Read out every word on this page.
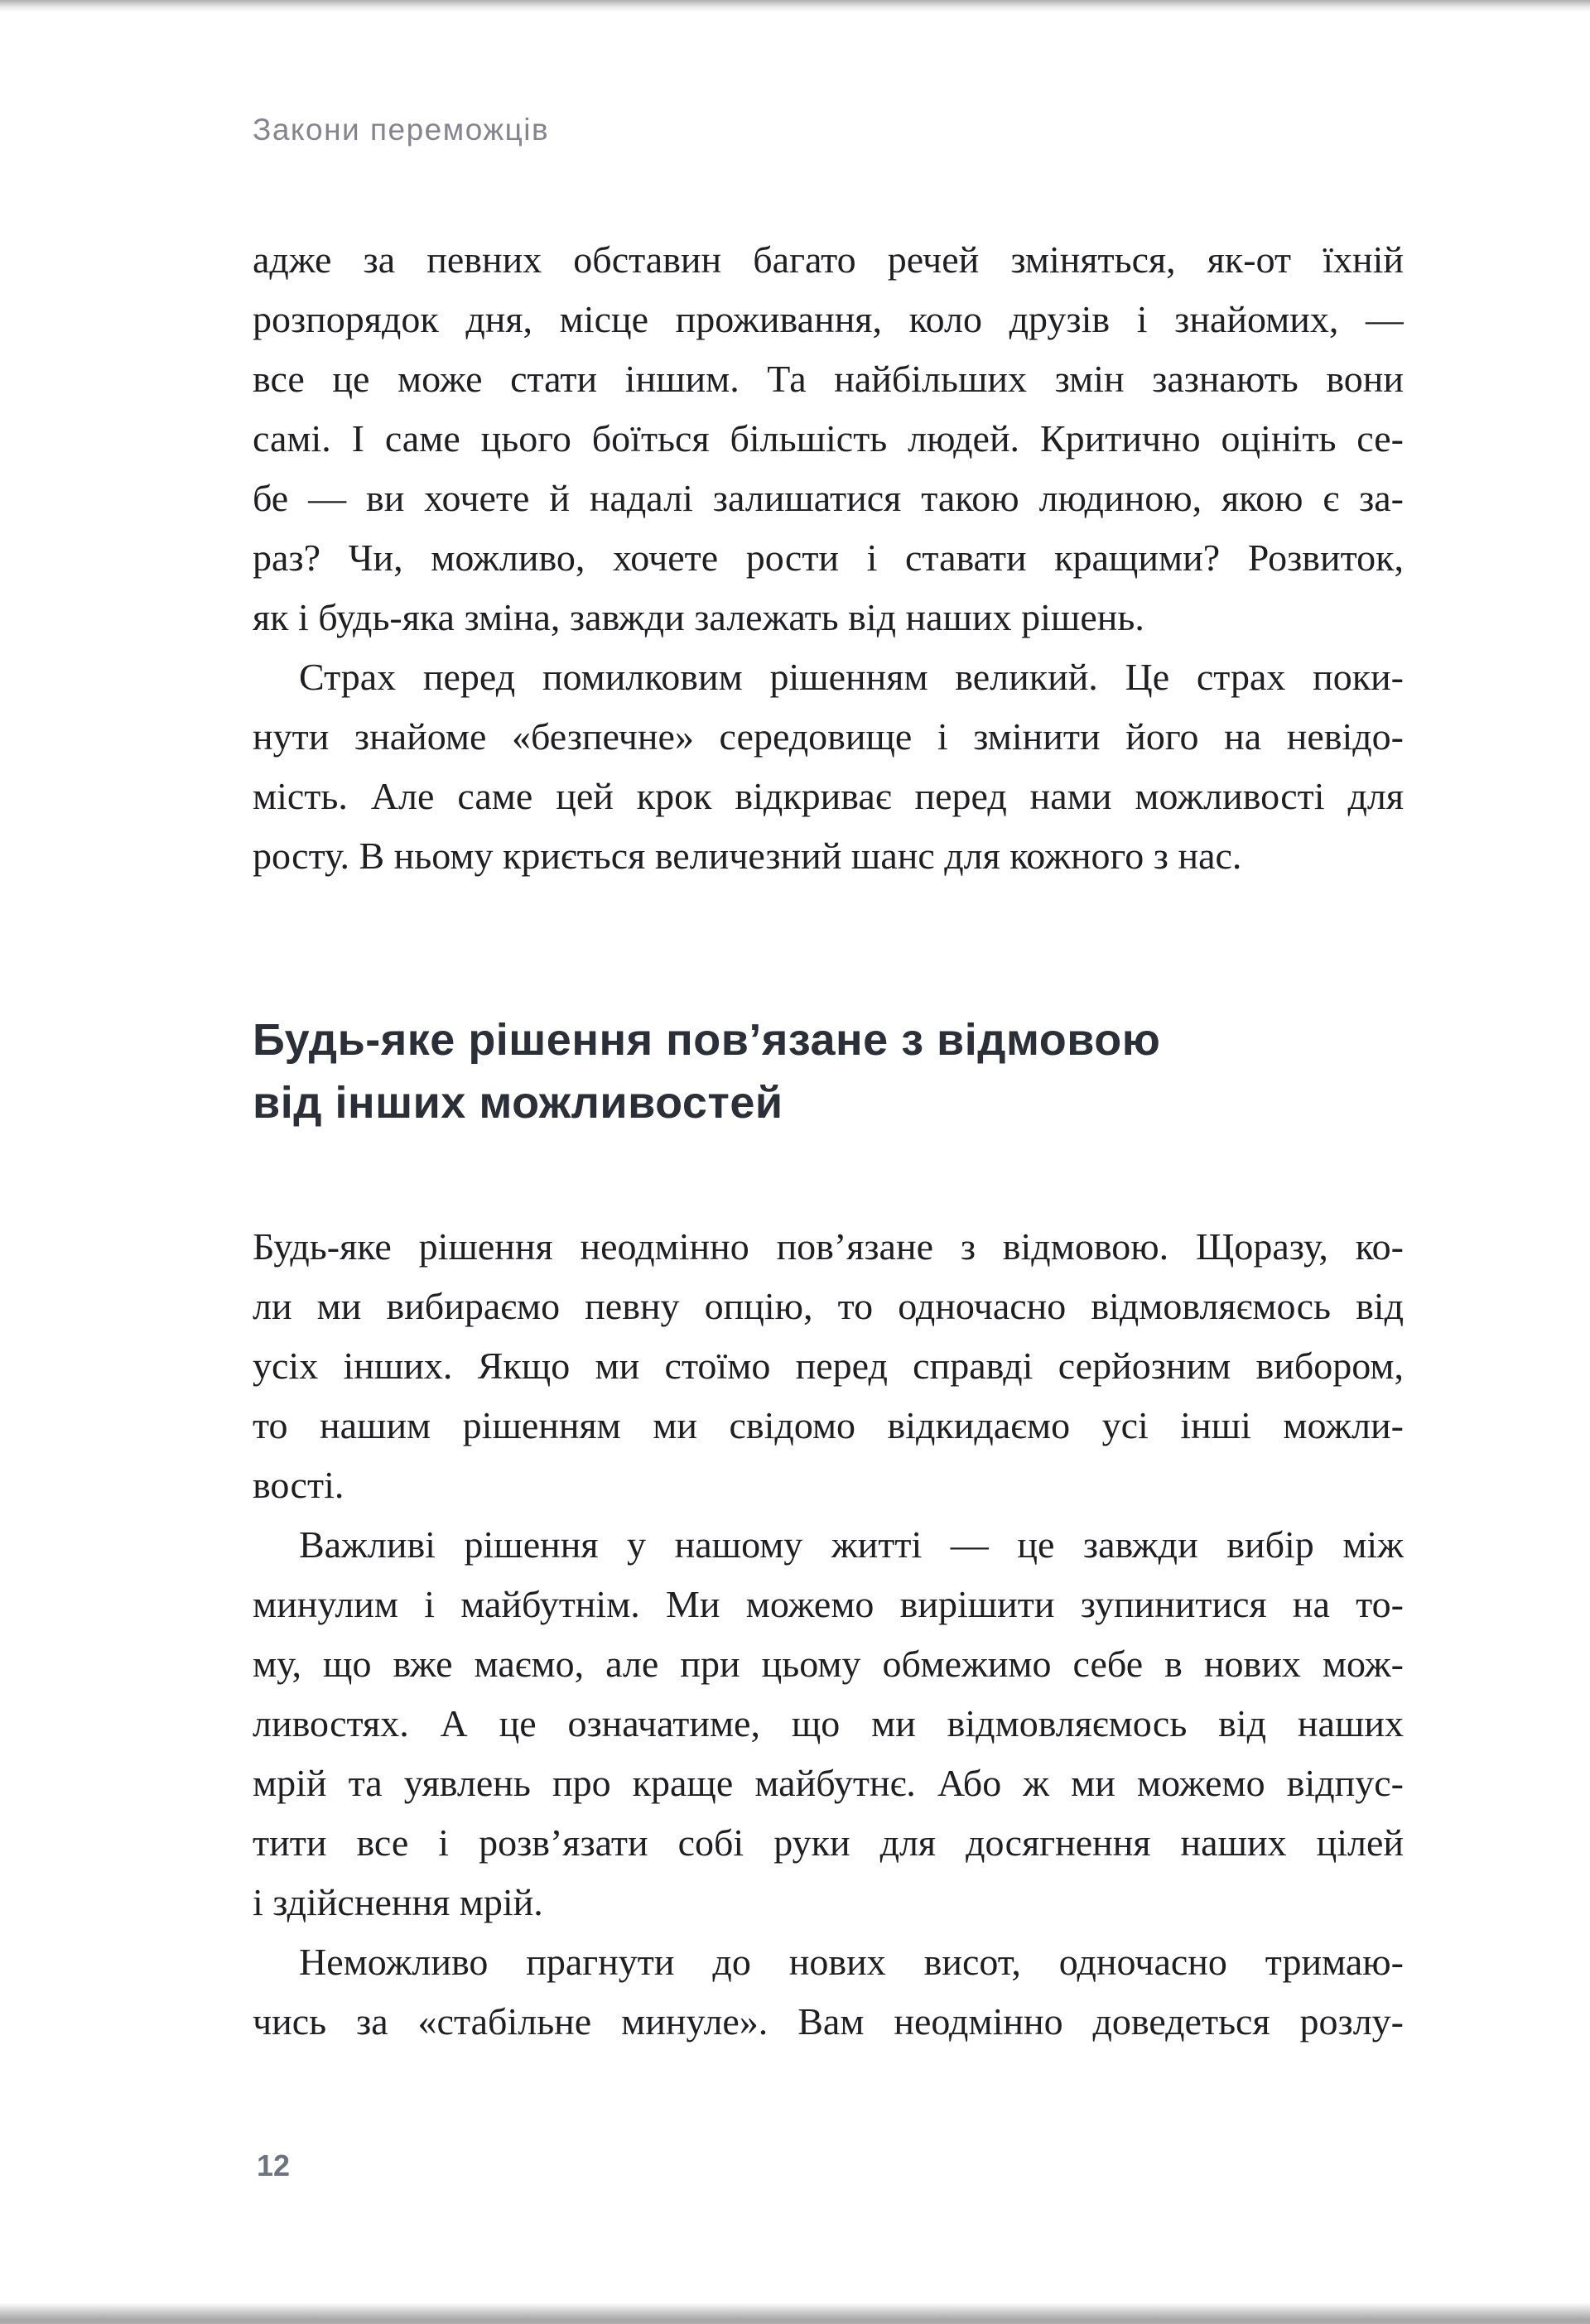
Закони переможців
адже за певних обставин багато речей зміняться, як-от їхній
розпорядок дня, місце проживання, коло друзів і знайомих, —
все це може стати іншим. Та найбільших змін зазнають вони
самі. І саме цього боїться більшість людей. Критично оцініть се-
бе — ви хочете й надалі залишатися такою людиною, якою є за-
раз? Чи, можливо, хочете рости і ставати кращими? Розвиток,
як і будь-яка зміна, завжди залежать від наших рішень.
Страх перед помилковим рішенням великий. Це страх поки-
нути знайоме «безпечне» середовище і змінити його на невідо-
мість. Але саме цей крок відкриває перед нами можливості для
росту. В ньому криється величезний шанс для кожного з нас.
Будь-яке рішення пов’язане з відмовою
від інших можливостей
Будь-яке рішення неодмінно пов’язане з відмовою. Щоразу, ко-
ли ми вибираємо певну опцію, то одночасно відмовляємось від
усіх інших. Якщо ми стоїмо перед справді серйозним вибором,
то нашим рішенням ми свідомо відкидаємо усі інші можли-
вості.
Важливі рішення у нашому житті — це завжди вибір між
минулим і майбутнім. Ми можемо вирішити зупинитися на то-
му, що вже маємо, але при цьому обмежимо себе в нових мож-
ливостях. А це означатиме, що ми відмовляємось від наших
мрій та уявлень про краще майбутнє. Або ж ми можемо відпус-
тити все і розв’язати собі руки для досягнення наших цілей
і здійснення мрій.
Неможливо прагнути до нових висот, одночасно тримаю-
чись за «стабільне минуле». Вам неодмінно доведеться розлу-
12
